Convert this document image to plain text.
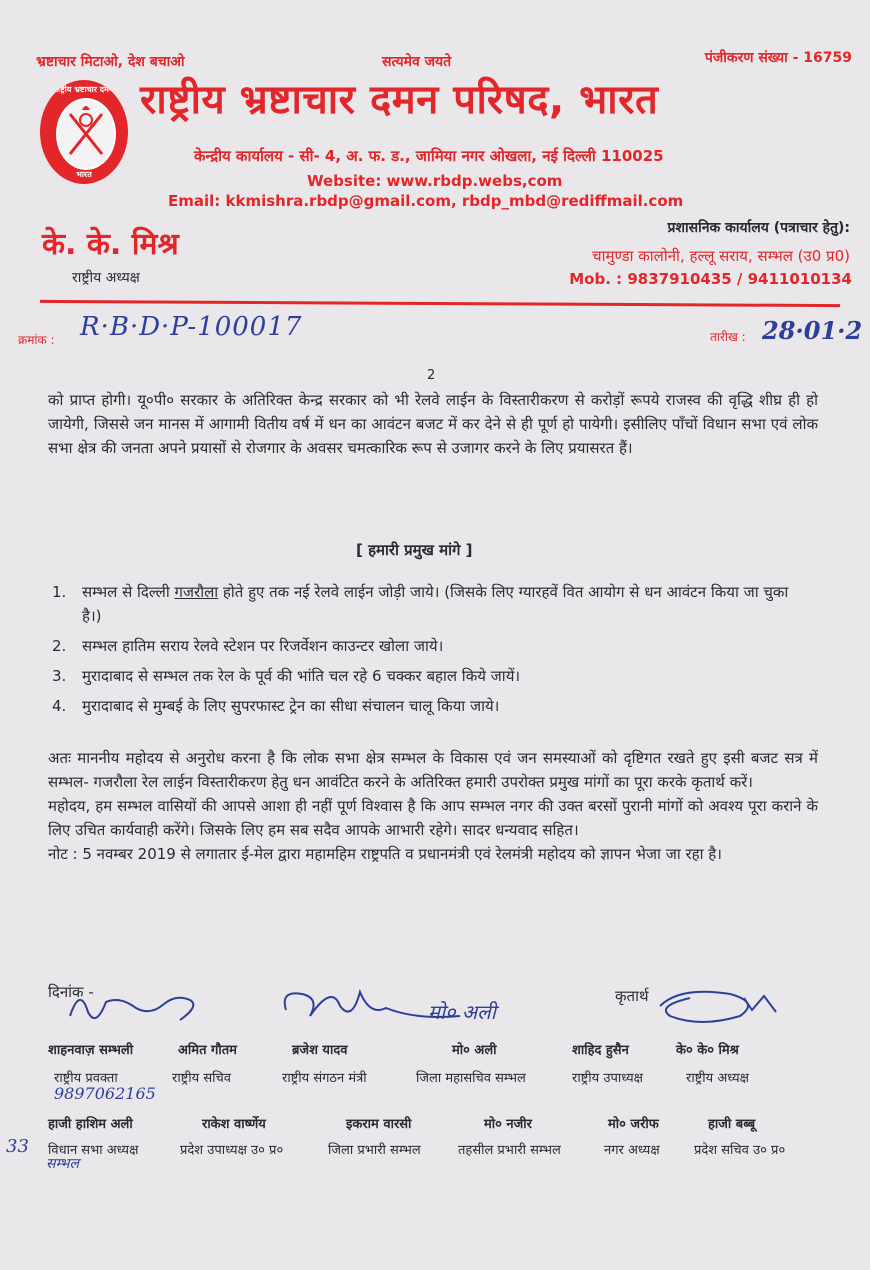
भ्रष्टाचार मिटाओ, देश बचाओ	सत्यमेव जयते	पंजीकरण संख्या - 16759
राष्ट्रीय भ्रष्टाचार दमन
भारत
राष्ट्रीय भ्रष्टाचार दमन परिषद, भारत
केन्द्रीय कार्यालय - सी- 4, अ. फ. ड., जामिया नगर ओखला, नई दिल्ली 110025
Website: www.rbdp.webs,com
Email: kkmishra.rbdp@gmail.com, rbdp_mbd@rediffmail.com
के. के. मिश्र
राष्ट्रीय अध्यक्ष
प्रशासनिक कार्यालय (पत्राचार हेतु):
चामुण्डा कालोनी, हल्लू सराय, सम्भल (उ0 प्र0)
Mob. : 9837910435 / 9411010134
क्रमांक : R·B·D·P-100017	तारीख : 28·01·2
2
को प्राप्त होगी। यू०पी० सरकार के अतिरिक्त केन्द्र सरकार को भी रेलवे लाईन के विस्तारीकरण से करोड़ों रूपये राजस्व की वृद्धि शीघ्र ही हो जायेगी, जिससे जन मानस में आगामी वितीय वर्ष में धन का आवंटन बजट में कर देने से ही पूर्ण हो पायेगी। इसीलिए पाँचों विधान सभा एवं लोक सभा क्षेत्र की जनता अपने प्रयासों से रोजगार के अवसर चमत्कारिक रूप से उजागर करने के लिए प्रयासरत हैं।
[ हमारी प्रमुख मांगे ]
1.	सम्भल से दिल्ली गजरौला होते हुए तक नई रेलवे लाईन जोड़ी जाये। (जिसके लिए ग्यारहवें वित आयोग से धन आवंटन किया जा चुका है।)
2.	सम्भल हातिम सराय रेलवे स्टेशन पर रिजर्वेशन काउन्टर खोला जाये।
3.	मुरादाबाद से सम्भल तक रेल के पूर्व की भांति चल रहे 6 चक्कर बहाल किये जायें।
4.	मुरादाबाद से मुम्बई के लिए सुपरफास्ट ट्रेन का सीधा संचालन चालू किया जाये।
अतः माननीय महोदय से अनुरोध करना है कि लोक सभा क्षेत्र सम्भल के विकास एवं जन समस्याओं को दृष्टिगत रखते हुए इसी बजट सत्र में सम्भल- गजरौला रेल लाईन विस्तारीकरण हेतु धन आवंटित करने के अतिरिक्त हमारी उपरोक्त प्रमुख मांगों का पूरा करके कृतार्थ करें।
महोदय, हम सम्भल वासियों की आपसे आशा ही नहीं पूर्ण विश्वास है कि आप सम्भल नगर की उक्त बरसों पुरानी मांगों को अवश्य पूरा कराने के लिए उचित कार्यवाही करेंगे। जिसके लिए हम सब सदैव आपके आभारी रहेगे। सादर धन्यवाद सहित।
नोट : 5 नवम्बर 2019 से लगातार ई-मेल द्वारा महामहिम राष्ट्रपति व प्रधानमंत्री एवं रेलमंत्री महोदय को ज्ञापन भेजा जा रहा है।
दिनांक -	कृतार्थ
मो० अली
शाहनवाज़ सम्भली	अमित गौतम	ब्रजेश यादव	मो० अली	शाहिद हुसैन	के० के० मिश्र
राष्ट्रीय प्रवक्ता	राष्ट्रीय सचिव	राष्ट्रीय संगठन मंत्री	जिला महासचिव सम्भल	राष्ट्रीय उपाध्यक्ष	राष्ट्रीय अध्यक्ष
9897062165
हाजी हाशिम अली	राकेश वार्ष्णेय	इकराम वारसी	मो० नजीर	मो० जरीफ	हाजी बब्बू
33 विधान सभा अध्यक्ष	प्रदेश उपाध्यक्ष उ० प्र०	जिला प्रभारी सम्भल	तहसील प्रभारी सम्भल	नगर अध्यक्ष	प्रदेश सचिव उ० प्र०
सम्भल
